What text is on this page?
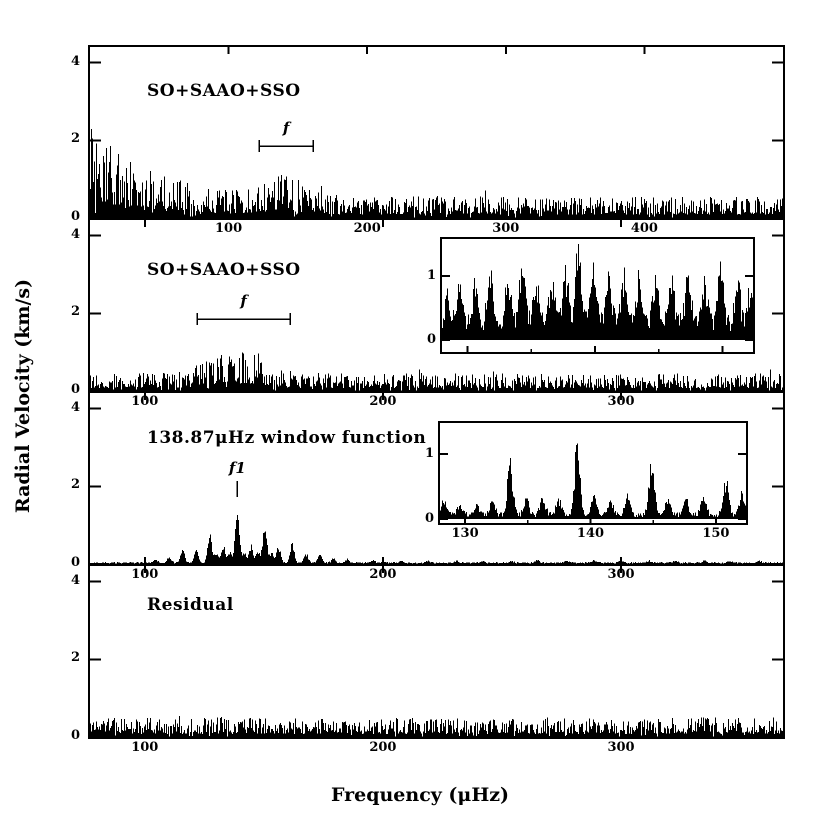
Radial Velocity (km/s)
SO+SAAO+SSO
100	200	300	400
f
SO+SAAO+SSO
100	200	300
f
0
1
138.87μHz window function
100	200	300
f1
0
1
130	140	150
Residual
100	200	300
Frequency (μHz)
0
2
4
0
2
4
0
2
4
0
2
4
